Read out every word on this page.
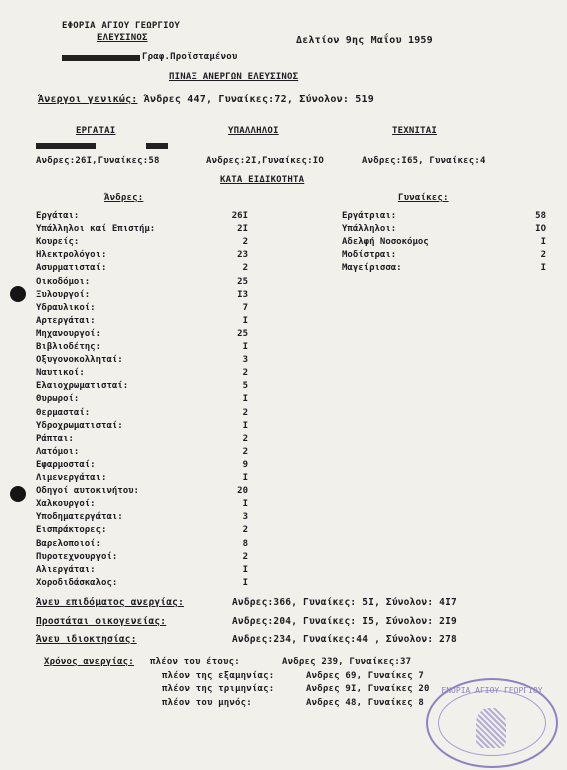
ΕΦΟΡΙΑ ΑΓΙΟΥ ΓΕΩΡΓΙΟΥ
ΕΛΕΥΣΙΝΟΣ	Δελτίον 9ης Μαΐου 1959
Γραφ.Προϊσταμένου
ΠΙΝΑΞ ΑΝΕΡΓΩΝ ΕΛΕΥΣΙΝΟΣ
Άνεργοι γενικώς: Άνδρες 447, Γυναίκες:72, Σύνολον: 519
ΕΡΓΑΤΑΙ	ΥΠΑΛΛΗΛΟΙ	ΤΕΧΝΙΤΑΙ
Ανδρες:26Ι,Γυναίκες:58	Ανδρες:2Ι,Γυναίκες:ΙΟ	Ανδρες:Ι65, Γυναίκες:4
ΚΑΤΑ ΕΙΔΙΚΟΤΗΤΑ
Άνδρες:	Γυναίκες:
Εργάται:	26Ι
Υπάλληλοι καί Επιστήμ:	2Ι
Κουρείς:	2
Ηλεκτρολόγοι:	23
Ασυρματισταί:	2
Οικοδόμοι:	25
Ξυλουργοί:	Ι3
Υδραυλικοί:	7
Αρτεργάται:	Ι
Μηχανουργοί:	25
Βιβλιοδέτης:	Ι
Οξυγονοκολληταί:	3
Ναυτικοί:	2
Ελαιοχρωματισταί:	5
Θυρωροί:	Ι
Θερμασταί:	2
Υδροχρωματισταί:	Ι
Ράπται:	2
Λατόμοι:	2
Εφαρμοσταί:	9
Λιμενεργάται:	Ι
Οδηγοί αυτοκινήτου:	20
Χαλκουργοί:	Ι
Υποδηματεργάται:	3
Εισπράκτορες:	2
Βαρελοποιοί:	8
Πυροτεχνουργοί:	2
Αλιεργάται:	Ι
Χοροδιδάσκαλος:	Ι
Εργάτριαι:	58
Υπάλληλοι:	ΙΟ
Αδελφή Νοσοκόμος	Ι
Μοδίστραι:	2
Μαγείρισσα:	Ι
Άνευ επιδόματος ανεργίας:	Ανδρες:366, Γυναίκες: 5Ι, Σύνολον: 4Ι7
Προστάται οικογενείας:	Ανδρες:204, Γυναίκες: Ι5, Σύνολον: 2Ι9
Άνευ ιδιοκτησίας:	Ανδρες:234, Γυναίκες:44 , Σύνολον: 278
Χρόνος ανεργίας: πλέον του έτους:	Ανδρες 239, Γυναίκες:37
πλέον της εξαμηνίας:	Ανδρες 69, Γυναίκες 7
πλέον της τριμηνίας:	Ανδρες 9Ι, Γυναίκες 20
πλέον του μηνός:	Ανδρες 48, Γυναίκες 8
ΕΝΟΡΙΑ ΑΓΙΟΥ ΓΕΩΡΓΙΟΥ
